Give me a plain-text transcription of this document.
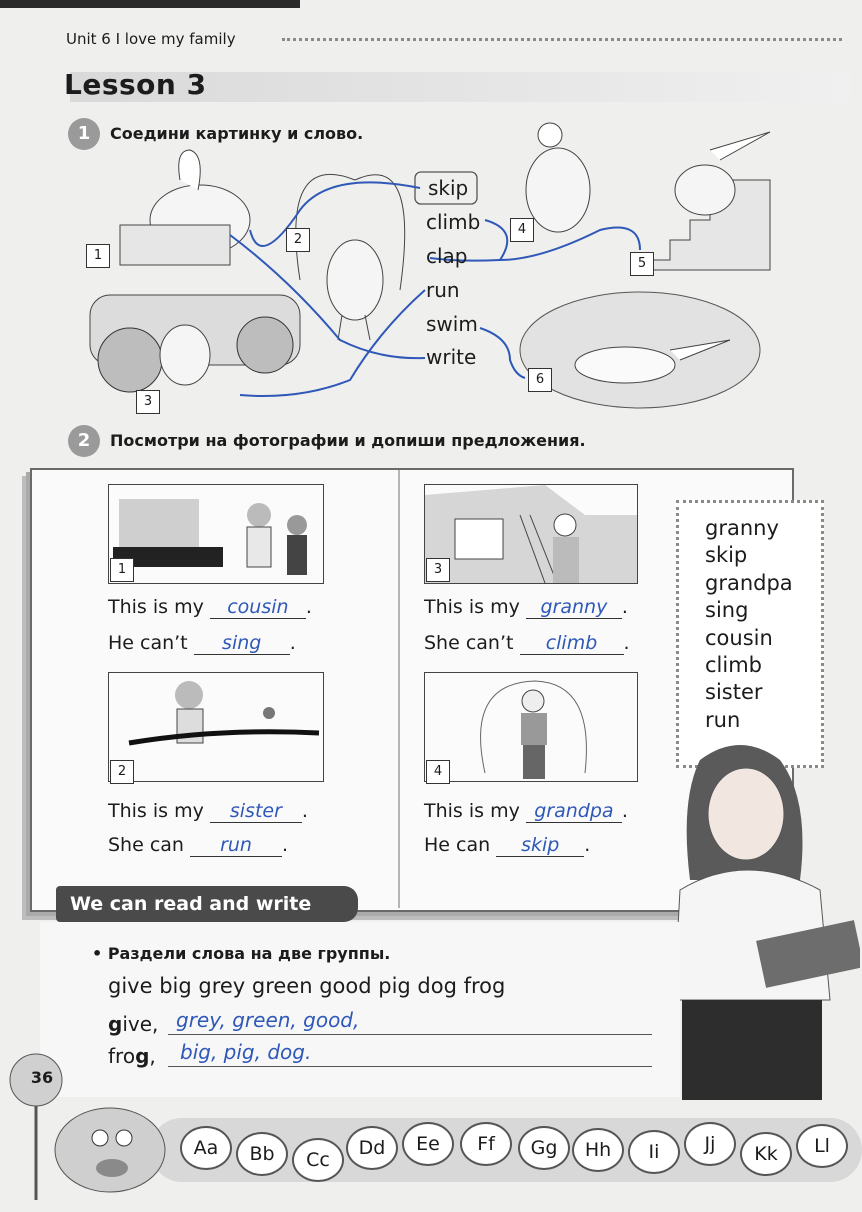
Unit 6 I love my family
Lesson 3
1	Соедини картинку и слово.
skip
climb
clap
run
swim
write
1
2
3
4
5
6
2	Посмотри на фотографии и допиши предложения.
1
This is my cousin .
He can’t sing .
3
This is my granny .
She can’t climb .
2
This is my sister .
She can run .
4
This is my grandpa .
He can skip .
granny
skip
grandpa
sing
cousin
climb
sister
run
We can read and write
• Раздели слова на две группы.
give big grey green good pig dog frog
give, grey, green, good,
frog, big, pig, dog.
36
Aa	Bb	Cc
Dd	Ee	Ff	Gg	Hh	Ii	Jj	Kk	Ll
